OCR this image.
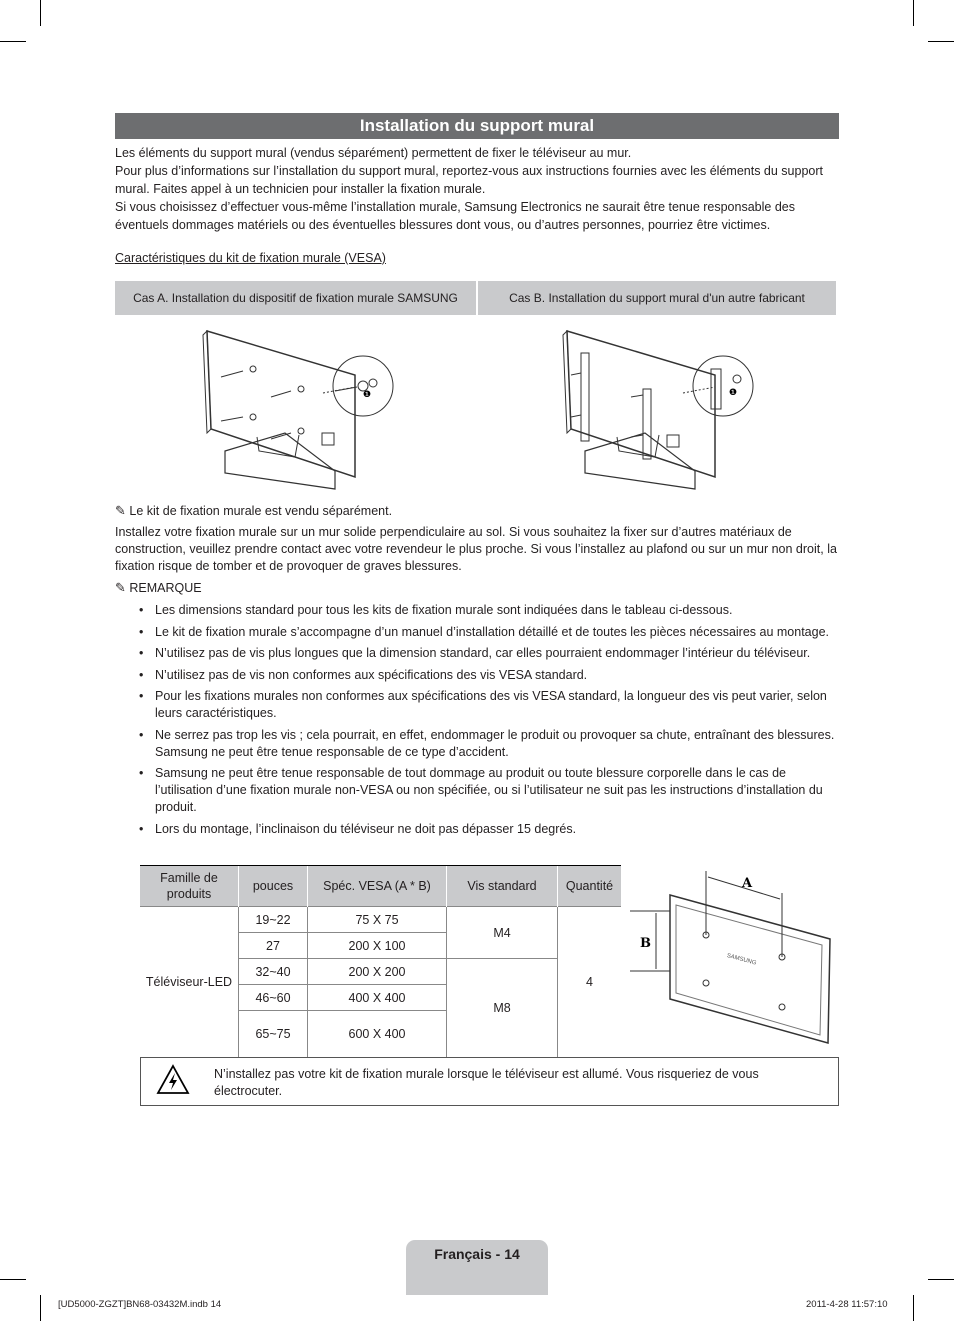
Installation du support mural
Les éléments du support mural (vendus séparément) permettent de fixer le téléviseur au mur.
Pour plus d’informations sur l’installation du support mural, reportez-vous aux instructions fournies avec les éléments du support mural. Faites appel à un technicien pour installer la fixation murale.
Si vous choisissez d’effectuer vous-même l’installation murale, Samsung Electronics ne saurait être tenue responsable des éventuels dommages matériels ou des éventuelles blessures dont vous, ou d’autres personnes, pourriez être victimes.
Caractéristiques du kit de fixation murale (VESA)
Cas A. Installation du dispositif de fixation murale SAMSUNG	Cas B. Installation du support mural d'un autre fabricant
❶	❶
✎ Le kit de fixation murale est vendu séparément.
Installez votre fixation murale sur un mur solide perpendiculaire au sol. Si vous souhaitez la fixer sur d’autres matériaux de construction, veuillez prendre contact avec votre revendeur le plus proche. Si vous l’installez au plafond ou sur un mur non droit, la fixation risque de tomber et de provoquer de graves blessures.
✎ REMARQUE
• Les dimensions standard pour tous les kits de fixation murale sont indiquées dans le tableau ci-dessous.
• Le kit de fixation murale s’accompagne d’un manuel d’installation détaillé et de toutes les pièces nécessaires au montage.
• N’utilisez pas de vis plus longues que la dimension standard, car elles pourraient endommager l’intérieur du téléviseur.
• N’utilisez pas de vis non conformes aux spécifications des vis VESA standard.
• Pour les fixations murales non conformes aux spécifications des vis VESA standard, la longueur des vis peut varier, selon leurs caractéristiques.
• Ne serrez pas trop les vis ; cela pourrait, en effet, endommager le produit ou provoquer sa chute, entraînant des blessures. Samsung ne peut être tenue responsable de ce type d’accident.
• Samsung ne peut être tenue responsable de tout dommage au produit ou toute blessure corporelle dans le cas de l’utilisation d’une fixation murale non-VESA ou non spécifiée, ou si l’utilisateur ne suit pas les instructions d’installation du produit.
• Lors du montage, l’inclinaison du téléviseur ne doit pas dépasser 15 degrés.
Famille de produits	pouces	Spéc. VESA (A * B)	Vis standard	Quantité
Téléviseur-LED	19~22	75 X 75	M4	4
	27	200 X 100		
	32~40	200 X 200	M8	
	46~60	400 X 400		
	65~75	600 X 400		
A
B
SAMSUNG
N’installez pas votre kit de fixation murale lorsque le téléviseur est allumé. Vous risqueriez de vous électrocuter.
Français - 14
[UD5000-ZGZT]BN68-03432M.indb 14	2011-4-28 11:57:10
